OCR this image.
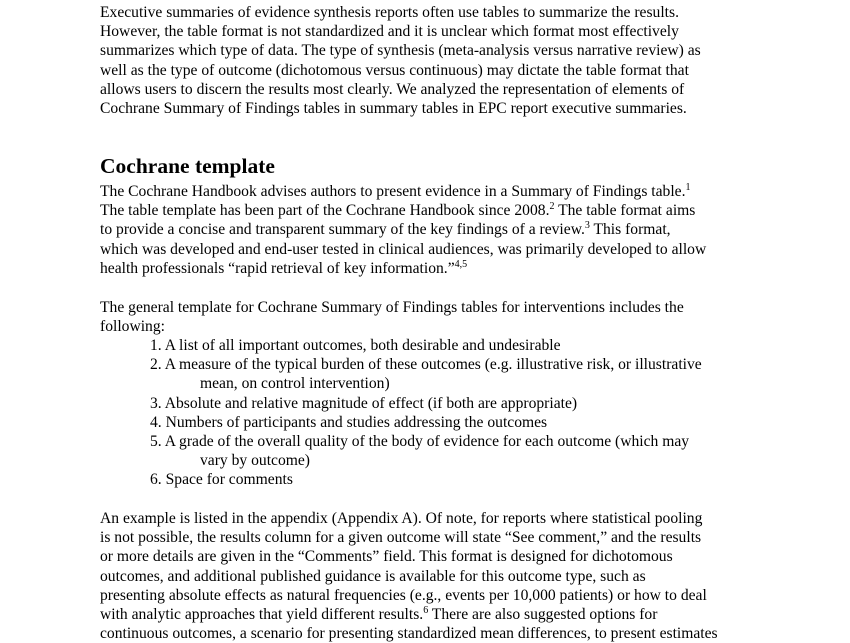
Executive summaries of evidence synthesis reports often use tables to summarize the results.
However, the table format is not standardized and it is unclear which format most effectively
summarizes which type of data. The type of synthesis (meta-analysis versus narrative review) as
well as the type of outcome (dichotomous versus continuous) may dictate the table format that
allows users to discern the results most clearly. We analyzed the representation of elements of
Cochrane Summary of Findings tables in summary tables in EPC report executive summaries.
Cochrane template
The Cochrane Handbook advises authors to present evidence in a Summary of Findings table.$^1$
The table template has been part of the Cochrane Handbook since 2008.$^2$ The table format aims
to provide a concise and transparent summary of the key findings of a review.$^3$ This format,
which was developed and end-user tested in clinical audiences, was primarily developed to allow
health professionals “rapid retrieval of key information.”$^{4,5}$
The general template for Cochrane Summary of Findings tables for interventions includes the
following:
1. A list of all important outcomes, both desirable and undesirable
2. A measure of the typical burden of these outcomes (e.g. illustrative risk, or illustrative
mean, on control intervention)
3. Absolute and relative magnitude of effect (if both are appropriate)
4. Numbers of participants and studies addressing the outcomes
5. A grade of the overall quality of the body of evidence for each outcome (which may
vary by outcome)
6. Space for comments
An example is listed in the appendix (Appendix A). Of note, for reports where statistical pooling
is not possible, the results column for a given outcome will state “See comment,” and the results
or more details are given in the “Comments” field. This format is designed for dichotomous
outcomes, and additional published guidance is available for this outcome type, such as
presenting absolute effects as natural frequencies (e.g., events per 10,000 patients) or how to deal
with analytic approaches that yield different results.$^6$ There are also suggested options for
continuous outcomes, a scenario for presenting standardized mean differences, to present estimates
